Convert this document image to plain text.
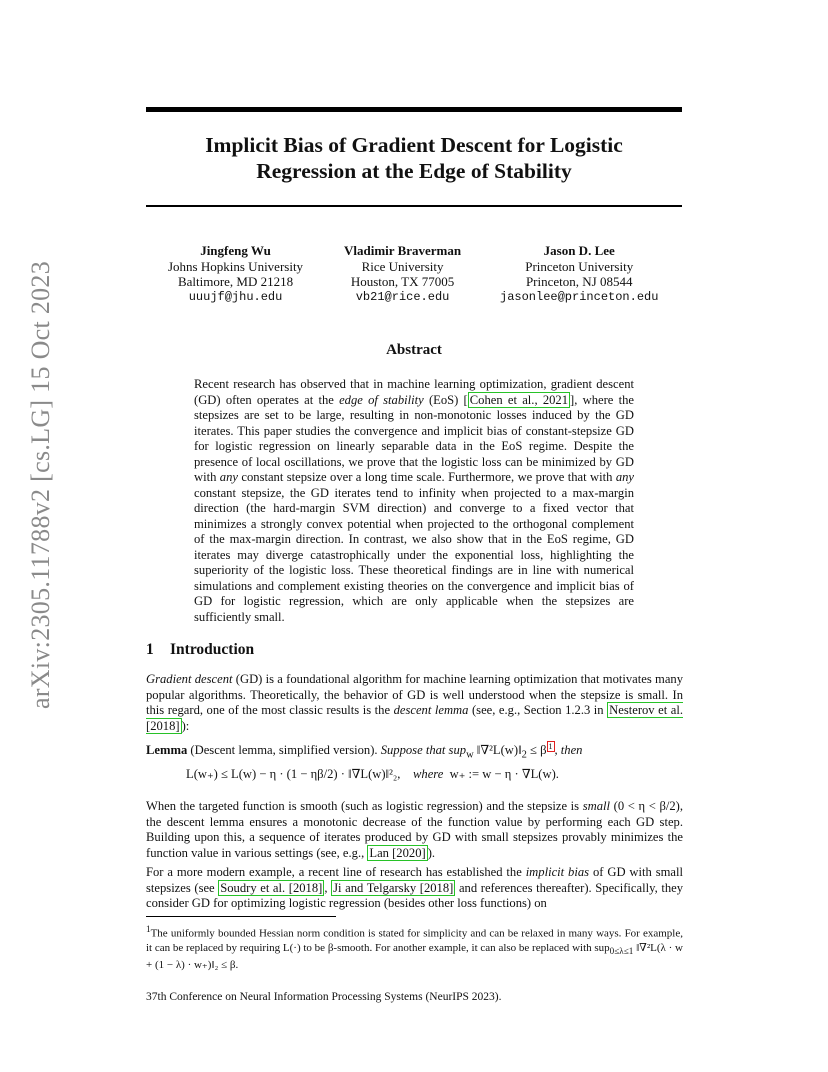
arXiv:2305.11788v2 [cs.LG] 15 Oct 2023
Implicit Bias of Gradient Descent for Logistic
Regression at the Edge of Stability
Jingfeng Wu
Johns Hopkins University
Baltimore, MD 21218
uuujf@jhu.edu
Vladimir Braverman
Rice University
Houston, TX 77005
vb21@rice.edu
Jason D. Lee
Princeton University
Princeton, NJ 08544
jasonlee@princeton.edu
Abstract
Recent research has observed that in machine learning optimization, gradient descent (GD) often operates at the edge of stability (EoS) [ Cohen et al., 2021 ], where the stepsizes are set to be large, resulting in non-monotonic losses induced by the GD iterates. This paper studies the convergence and implicit bias of constant-stepsize GD for logistic regression on linearly separable data in the EoS regime. Despite the presence of local oscillations, we prove that the logistic loss can be minimized by GD with any constant stepsize over a long time scale. Furthermore, we prove that with any constant stepsize, the GD iterates tend to infinity when projected to a max-margin direction (the hard-margin SVM direction) and converge to a fixed vector that minimizes a strongly convex potential when projected to the orthogonal complement of the max-margin direction. In contrast, we also show that in the EoS regime, GD iterates may diverge catastrophically under the exponential loss, highlighting the superiority of the logistic loss. These theoretical findings are in line with numerical simulations and complement existing theories on the convergence and implicit bias of GD for logistic regression, which are only applicable when the stepsizes are sufficiently small.
1 Introduction
Gradient descent (GD) is a foundational algorithm for machine learning optimization that motivates many popular algorithms. Theoretically, the behavior of GD is well understood when the stepsize is small. In this regard, one of the most classic results is the descent lemma (see, e.g., Section 1.2.3 in Nesterov et al. [2018] ):
Lemma (Descent lemma, simplified version). Suppose that sup$_w$ $‖\nabla^2L(w)‖_2 \le \beta$ $^1$ , then
L(w₊) ≤ L(w) − η · (1 − ηβ/2) · ‖∇L(w)‖²₂, where w₊ := w − η · ∇L(w).
When the targeted function is smooth (such as logistic regression) and the stepsize is small (0 < η < β/2), the descent lemma ensures a monotonic decrease of the function value by performing each GD step. Building upon this, a sequence of iterates produced by GD with small stepsizes provably minimizes the function value in various settings (see, e.g., Lan [2020] ).
For a more modern example, a recent line of research has established the implicit bias of GD with small stepsizes (see Soudry et al. [2018] , Ji and Telgarsky [2018] and references thereafter). Specifically, they consider GD for optimizing logistic regression (besides other loss functions) on
$^1$The uniformly bounded Hessian norm condition is stated for simplicity and can be relaxed in many ways. For example, it can be replaced by requiring L(·) to be β-smooth. For another example, it can also be replaced with sup$_{0\le\lambda\le 1}$ ‖∇²L(λ · w + (1 − λ) · w₊)‖₂ ≤ β.
37th Conference on Neural Information Processing Systems (NeurIPS 2023).
